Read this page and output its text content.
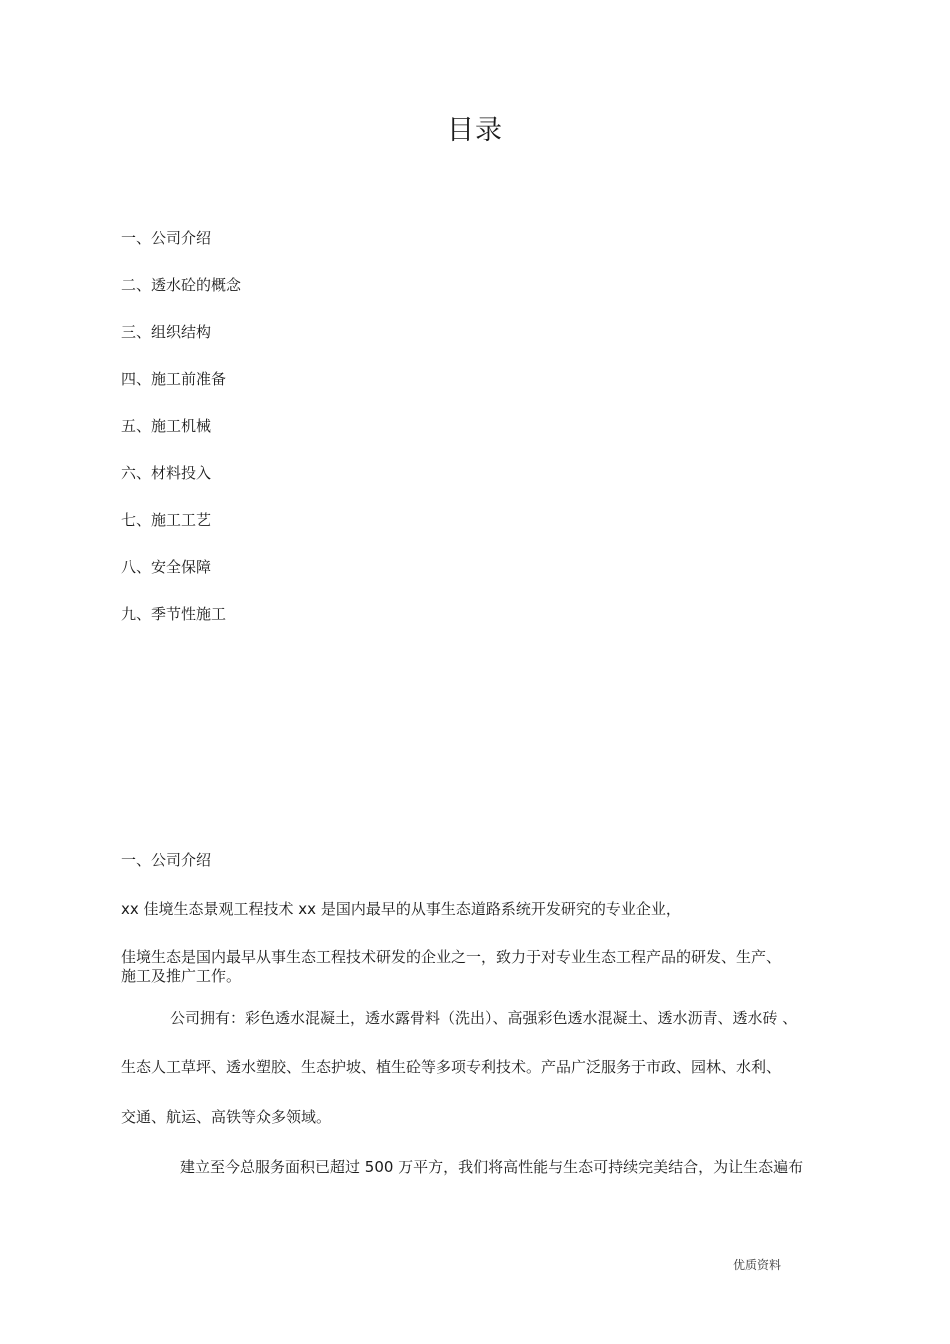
目录
一、公司介绍
二、透水砼的概念
三、组织结构
四、施工前准备
五、施工机械
六、材料投入
七、施工工艺
八、安全保障
九、季节性施工
一、公司介绍
xx 佳境生态景观工程技术 xx 是国内最早的从事生态道路系统开发研究的专业企业，
佳境生态是国内最早从事生态工程技术研发的企业之一，致力于对专业生态工程产品的研发、生产、
施工及推广工作。
公司拥有：彩色透水混凝土，透水露骨料（洗出）、高强彩色透水混凝土、透水沥青、透水砖 、
生态人工草坪、透水塑胶、生态护坡、植生砼等多项专利技术。产品广泛服务于市政、园林、水利、
交通、航运、高铁等众多领域。
建立至今总服务面积已超过 500 万平方，我们将高性能与生态可持续完美结合，为让生态遍布
优质资料
